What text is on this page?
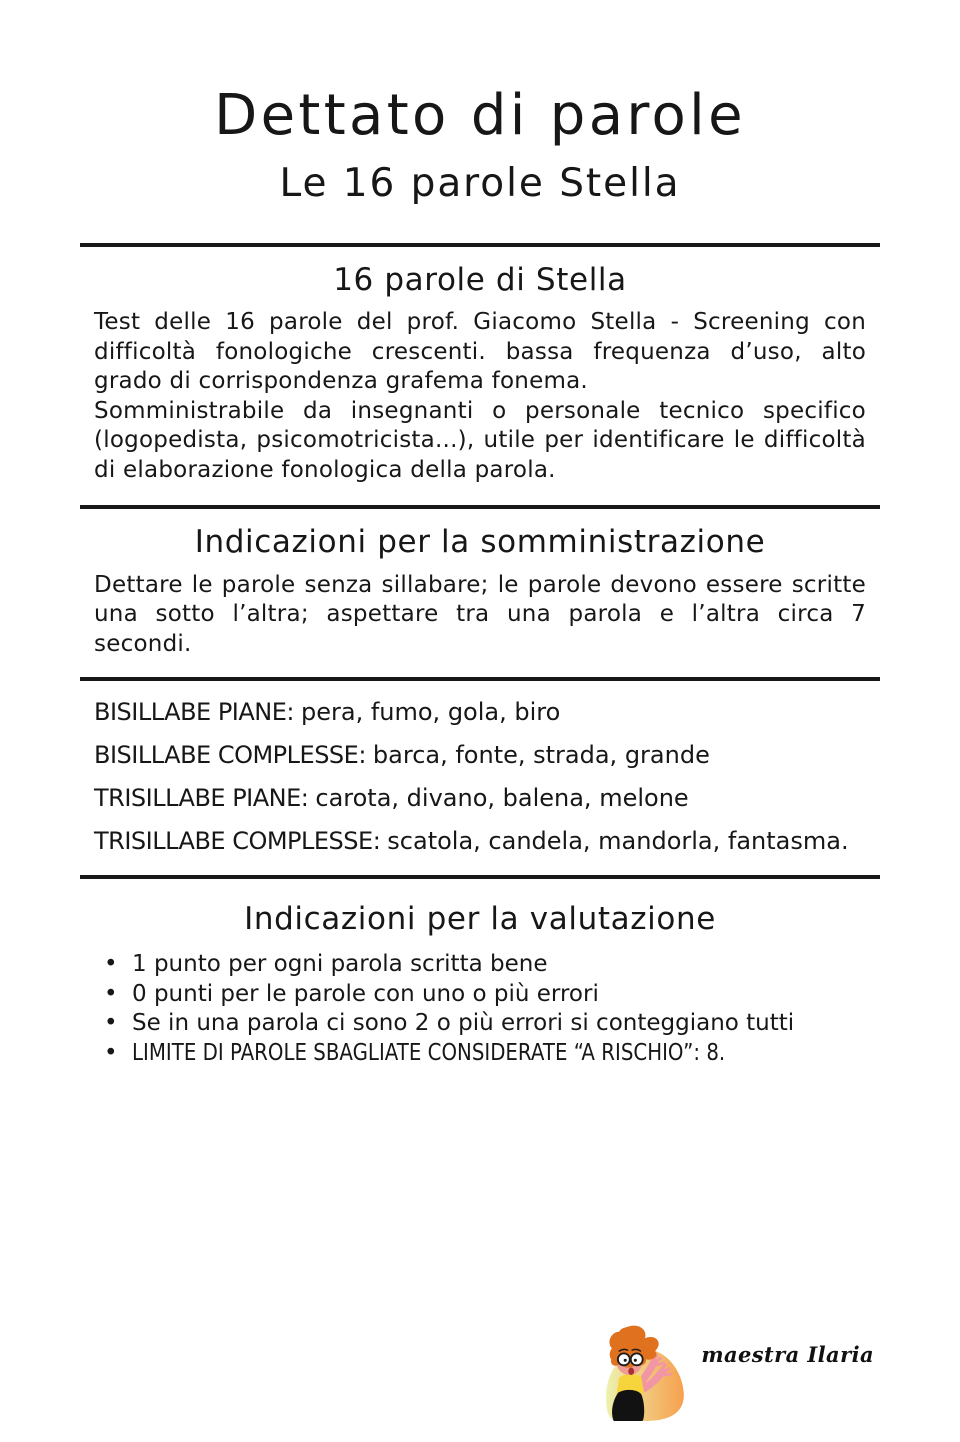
Dettato di parole
Le 16 parole Stella
16 parole di Stella

Test delle 16 parole del prof. Giacomo Stella - Screening con difficoltà fonologiche crescenti. bassa frequenza d’uso, alto grado di corrispondenza grafema fonema.

Somministrabile da insegnanti o personale tecnico specifico (logopedista, psicomotricista...), utile per identificare le difficoltà di elaborazione fonologica della parola.

Indicazioni per la somministrazione

Dettare le parole senza sillabare; le parole devono essere scritte una sotto l’altra; aspettare tra una parola e l’altra circa 7 secondi.

BISILLABE PIANE: pera, fumo, gola, biro

BISILLABE COMPLESSE: barca, fonte, strada, grande

TRISILLABE PIANE: carota, divano, balena, melone

TRISILLABE COMPLESSE: scatola, candela, mandorla, fantasma.

Indicazioni per la valutazione
• 1 punto per ogni parola scritta bene
• 0 punti per le parole con uno o più errori
• Se in una parola ci sono 2 o più errori si conteggiano tutti
• LIMITE DI PAROLE SBAGLIATE CONSIDERATE “A RISCHIO”: 8.
maestra Ilaria
